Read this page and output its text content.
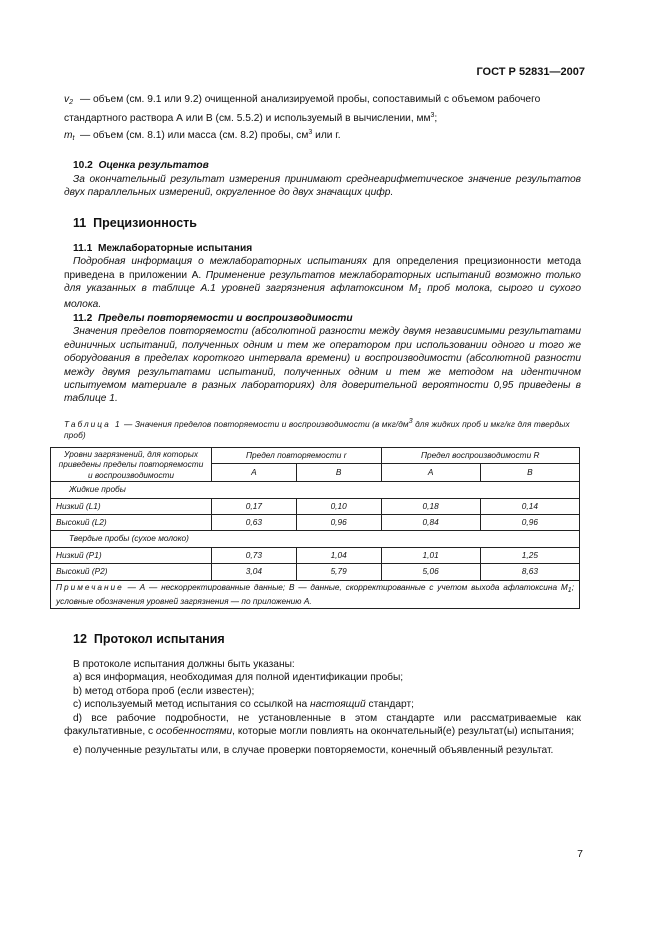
ГОСТ Р 52831—2007

$v_2$ — объем (см. 9.1 или 9.2) очищенной анализируемой пробы, сопоставимый с объемом рабочего

стандартного раствора А или В (см. 5.5.2) и используемый в вычислении, $мм^3$;

$m_t$ — объем (см. 8.1) или масса (см. 8.2) пробы, $см^3$ или г.

10.2 Оценка результатов

За окончательный результат измерения принимают среднеарифметическое значение результатов двух параллельных измерений, округленное до двух значащих цифр.

11 Прецизионность

11.1 Межлабораторные испытания

Подробная информация о межлабораторных испытаниях для определения прецизионности метода приведена в приложении А. Применение результатов межлабораторных испытаний возможно только для указанных в таблице А.1 уровней загрязнения афлатоксином $M_1$ проб молока, сырого и сухого молока.

11.2 Пределы повторяемости и воспроизводимости

Значения пределов повторяемости (абсолютной разности между двумя независимыми результатами единичных испытаний, полученных одним и тем же оператором при использовании одного и того же оборудования в пределах короткого интервала времени) и воспроизводимости (абсолютной разности между двумя результатами испытаний, полученных одним и тем же методом на идентичном испытуемом материале в разных лабораториях) для доверительной вероятности 0,95 приведены в таблице 1.

Таблица 1 — Значения пределов повторяемости и воспроизводимости (в мкг/$дм^3$ для жидких проб и мкг/кг для твердых проб)

Уровни загрязнений, для которых приведены пределы повторяемости и воспроизводимости	Предел повторяемости r		Предел воспроизводимости R	
	A	B	A	B
Жидкие пробы				
Низкий (L1)	0,17	0,10	0,18	0,14
Высокий (L2)	0,63	0,96	0,84	0,96
Твердые пробы (сухое молоко)				
Низкий (P1)	0,73	1,04	1,01	1,25
Высокий (P2)	3,04	5,79	5,06	8,63
Примечание — А — нескорректированные данные; В — данные, скорректированные с учетом выхода афлатоксина $M_1$; условные обозначения уровней загрязнения — по приложению А.				

12 Протокол испытания

В протоколе испытания должны быть указаны:

a) вся информация, необходимая для полной идентификации пробы;

b) метод отбора проб (если известен);

c) используемый метод испытания со ссылкой на настоящий стандарт;

d) все рабочие подробности, не установленные в этом стандарте или рассматриваемые как факультативные, с особенностями, которые могли повлиять на окончательный(е) результат(ы) испытания;

e) полученные результаты или, в случае проверки повторяемости, конечный объявленный результат.

7
